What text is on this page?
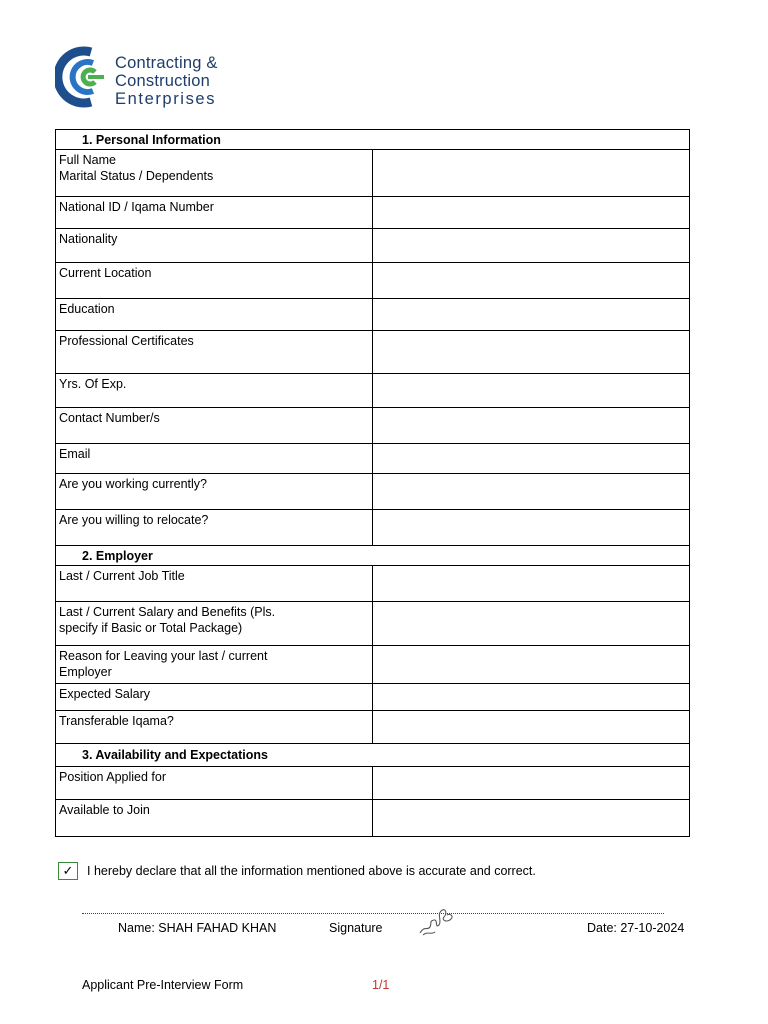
Contracting &
Construction
Enterprises
1. Personal Information	

Full Name
Marital Status / Dependents	

National ID / Iqama Number	
Nationality	
Current Location	
Education	
Professional Certificates	
Yrs. Of Exp.	
Contact Number/s	
Email	
Are you working currently?	
Are you willing to relocate?	
2. Employer	
Last / Current Job Title	

Last / Current Salary and Benefits (Pls.
specify if Basic or Total Package)	

Reason for Leaving your last / current
Employer	

Expected Salary	
Transferable Iqama?	
3. Availability and Expectations	
Position Applied for	
Available to Join	
✓	I hereby declare that all the information mentioned above is accurate and correct.
Name: SHAH FAHAD KHAN	Signature	Date: 27-10-2024
Applicant Pre-Interview Form	1/1
